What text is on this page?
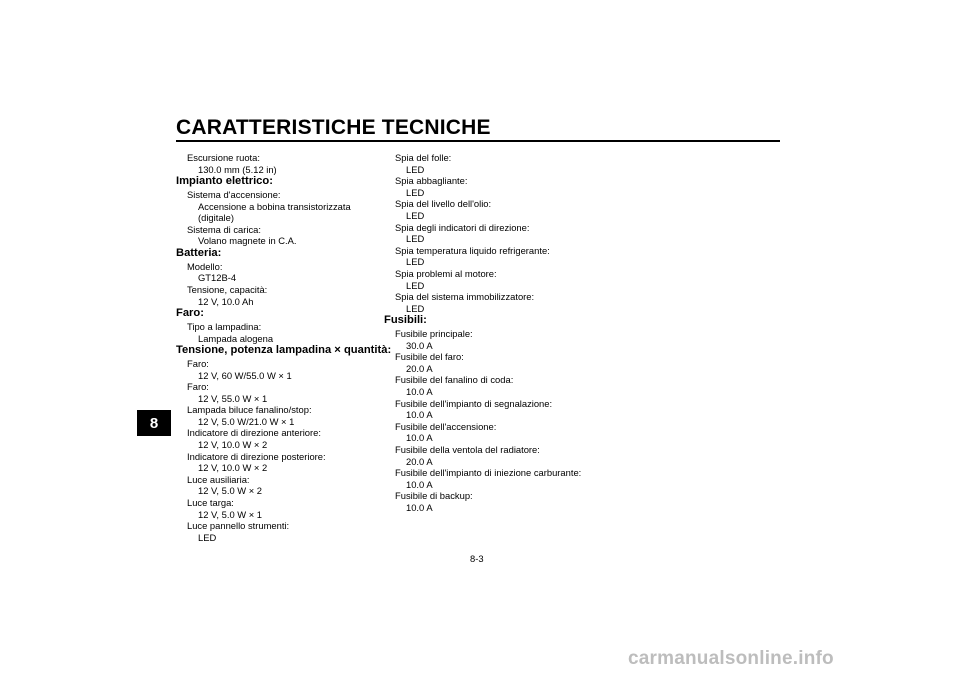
CARATTERISTICHE TECNICHE
8
Escursione ruota:
130.0 mm (5.12 in)
Impianto elettrico:
Sistema d'accensione:
Accensione a bobina transistorizzata
(digitale)
Sistema di carica:
Volano magnete in C.A.
Batteria:
Modello:
GT12B-4
Tensione, capacità:
12 V, 10.0 Ah
Faro:
Tipo a lampadina:
Lampada alogena
Tensione, potenza lampadina × quantità:
Faro:
12 V, 60 W/55.0 W × 1
Faro:
12 V, 55.0 W × 1
Lampada biluce fanalino/stop:
12 V, 5.0 W/21.0 W × 1
Indicatore di direzione anteriore:
12 V, 10.0 W × 2
Indicatore di direzione posteriore:
12 V, 10.0 W × 2
Luce ausiliaria:
12 V, 5.0 W × 2
Luce targa:
12 V, 5.0 W × 1
Luce pannello strumenti:
LED
Spia del folle:
LED
Spia abbagliante:
LED
Spia del livello dell'olio:
LED
Spia degli indicatori di direzione:
LED
Spia temperatura liquido refrigerante:
LED
Spia problemi al motore:
LED
Spia del sistema immobilizzatore:
LED
Fusibili:
Fusibile principale:
30.0 A
Fusibile del faro:
20.0 A
Fusibile del fanalino di coda:
10.0 A
Fusibile dell'impianto di segnalazione:
10.0 A
Fusibile dell'accensione:
10.0 A
Fusibile della ventola del radiatore:
20.0 A
Fusibile dell'impianto di iniezione carburante:
10.0 A
Fusibile di backup:
10.0 A
8-3
carmanualsonline.info
